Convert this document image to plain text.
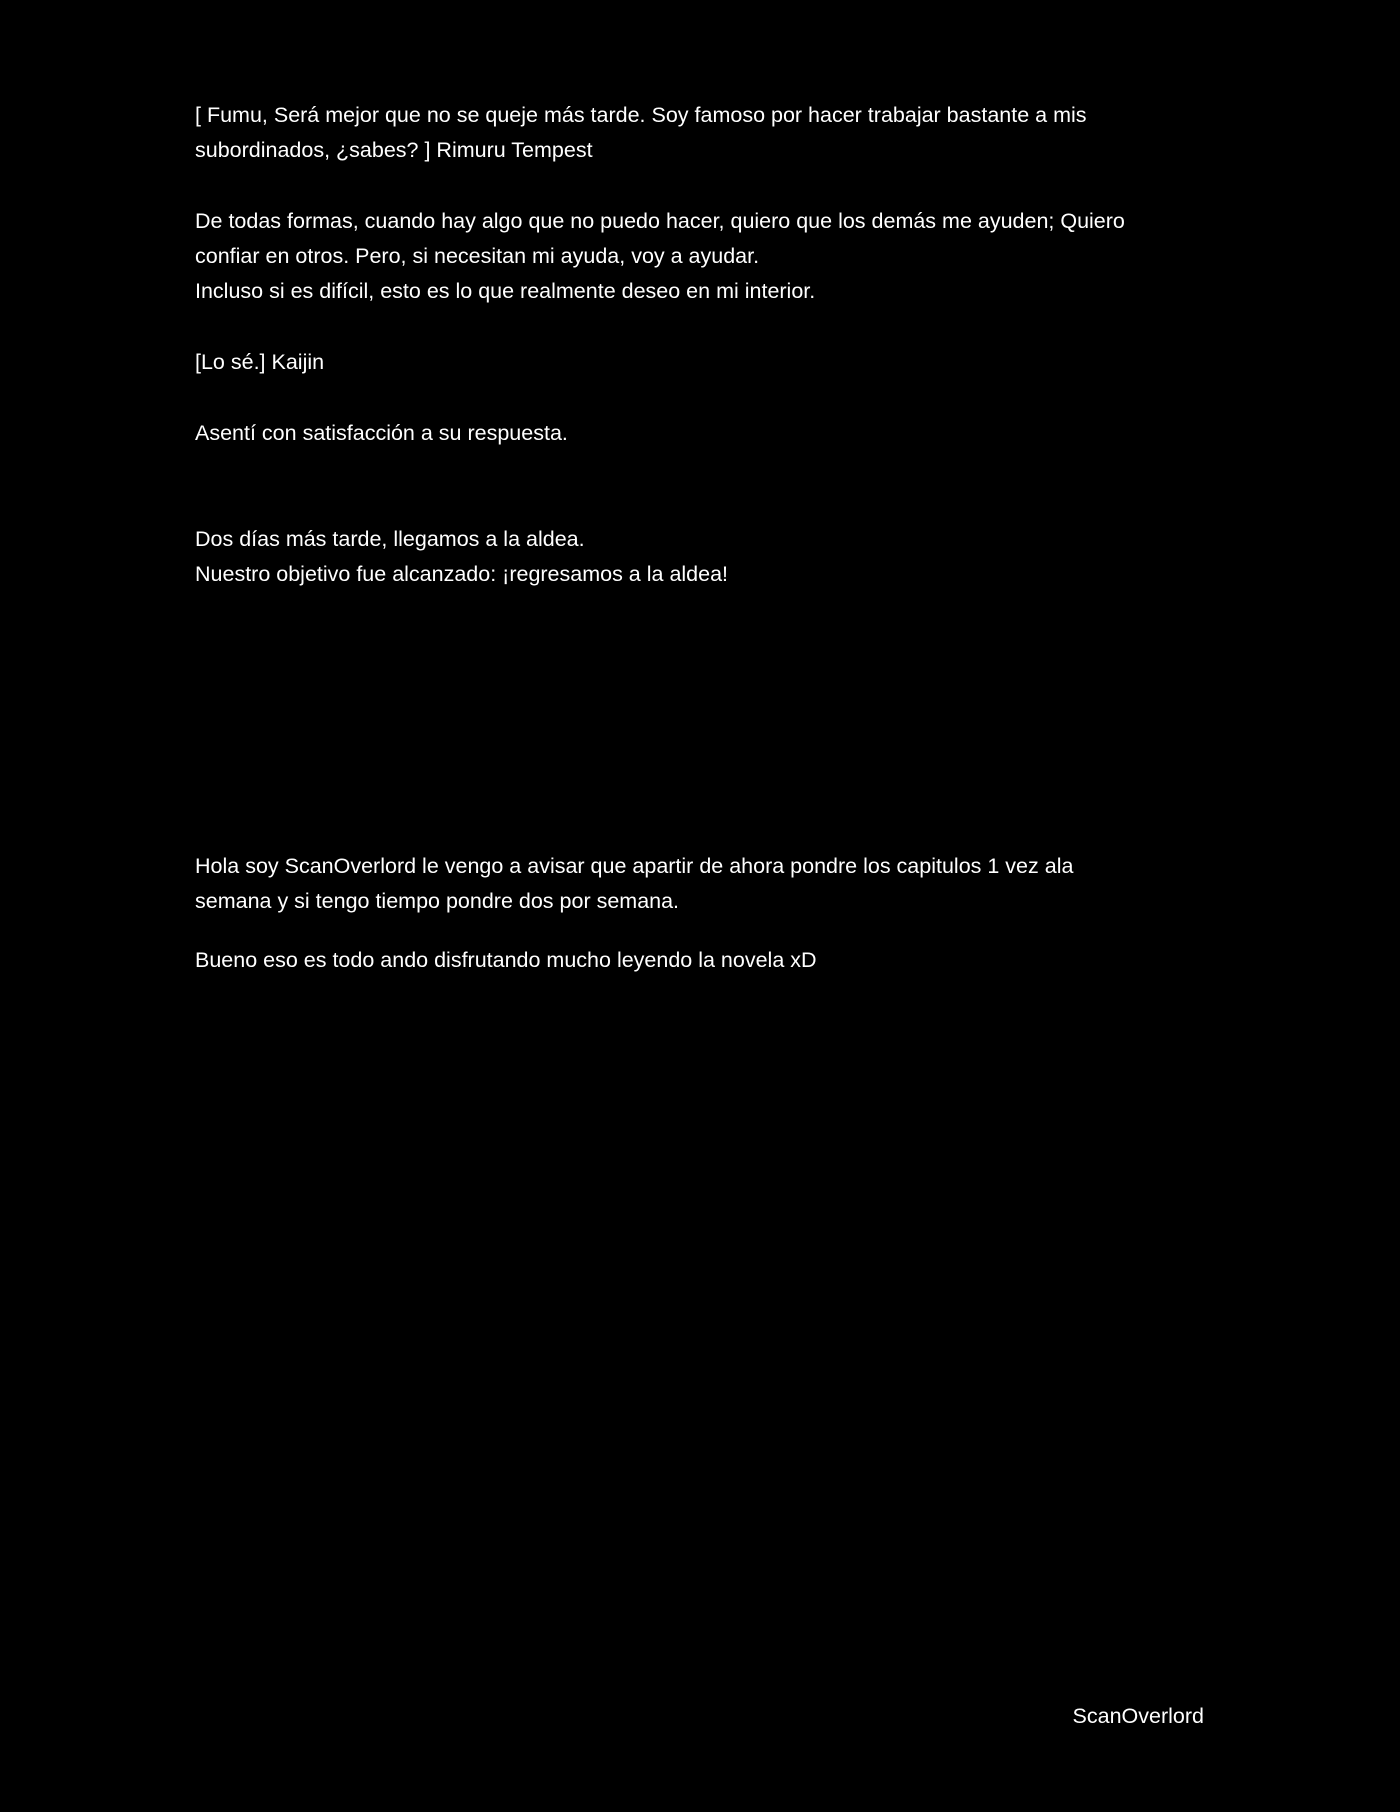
[ Fumu, Será mejor que no se queje más tarde. Soy famoso por hacer trabajar bastante a mis
subordinados, ¿sabes? ] Rimuru Tempest

De todas formas, cuando hay algo que no puedo hacer, quiero que los demás me ayuden; Quiero
confiar en otros. Pero, si necesitan mi ayuda, voy a ayudar.
Incluso si es difícil, esto es lo que realmente deseo en mi interior.

[Lo sé.] Kaijin

Asentí con satisfacción a su respuesta.

Dos días más tarde, llegamos a la aldea.
Nuestro objetivo fue alcanzado: ¡regresamos a la aldea!

Hola soy ScanOverlord le vengo a avisar que apartir de ahora pondre los capitulos 1 vez ala
semana y si tengo tiempo pondre dos por semana.

Bueno eso es todo ando disfrutando mucho leyendo la novela xD

ScanOverlord
